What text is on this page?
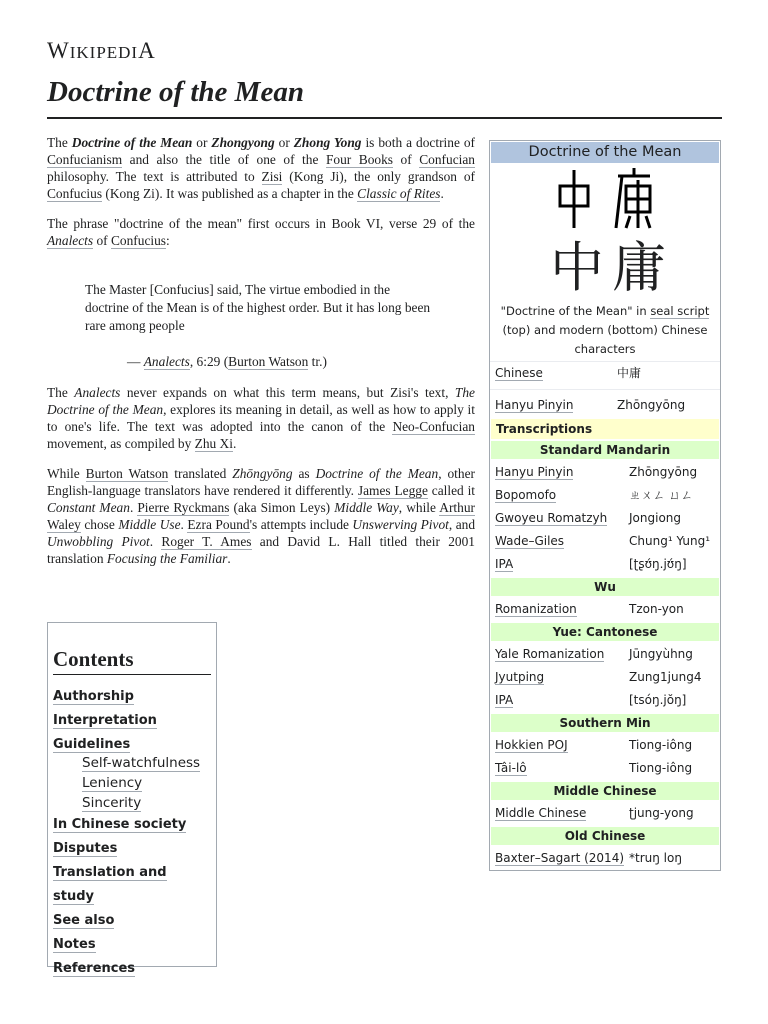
WIKIPEDIA
Doctrine of the Mean

The Doctrine of the Mean or Zhongyong or Zhong Yong is both a doctrine of Confucianism and also the title of one of the Four Books of Confucian philosophy. The text is attributed to Zisi (Kong Ji), the only grandson of Confucius (Kong Zi). It was published as a chapter in the Classic of Rites.

The phrase "doctrine of the mean" first occurs in Book VI, verse 29 of the Analects of Confucius:

The Master [Confucius] said, The virtue embodied in the doctrine of the Mean is of the highest order. But it has long been rare among people

— Analects, 6:29 (Burton Watson tr.)

The Analects never expands on what this term means, but Zisi's text, The Doctrine of the Mean, explores its meaning in detail, as well as how to apply it to one's life. The text was adopted into the canon of the Neo-Confucian movement, as compiled by Zhu Xi.

While Burton Watson translated Zhōngyōng as Doctrine of the Mean, other English-language translators have rendered it differently. James Legge called it Constant Mean. Pierre Ryckmans (aka Simon Leys) Middle Way, while Arthur Waley chose Middle Use. Ezra Pound's attempts include Unswerving Pivot, and Unwobbling Pivot. Roger T. Ames and David L. Hall titled their 2001 translation Focusing the Familiar.

Contents
Authorship
Interpretation
Guidelines
Self-watchfulness
Leniency
Sincerity
In Chinese society
Disputes
Translation and study
See also
Notes
References
Doctrine of the Mean
中庸
"Doctrine of the Mean" in seal script (top) and modern (bottom) Chinese characters
Chinese	中庸
Hanyu Pinyin	Zhōngyōng
Transcriptions
Standard Mandarin
Hanyu Pinyin	Zhōngyōng
Bopomofo	ㄓㄨㄥ ㄩㄥ
Gwoyeu Romatzyh	Jongiong
Wade–Giles	Chung¹ Yung¹
IPA	[ʈʂʊ́ŋ.jʊ́ŋ]
Wu
Romanization	Tzon-yon
Yue: Cantonese
Yale Romanization	Jūngyùhng
Jyutping	Zung1jung4
IPA	[tsóŋ.jŏŋ]
Southern Min
Hokkien POJ	Tiong-iông
Tâi-lô	Tiong-iông
Middle Chinese
Middle Chinese	ʈjung-yong
Old Chinese
Baxter–Sagart (2014) *truŋ loŋ
